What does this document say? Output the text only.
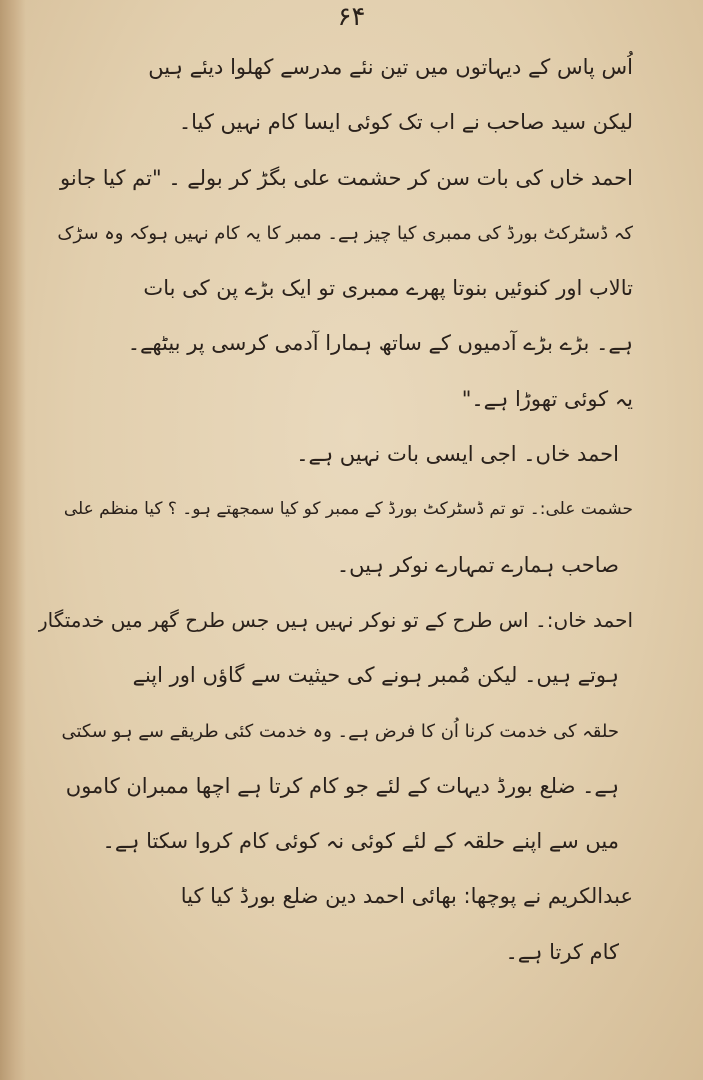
۶۴
اُس پاس کے دیہاتوں میں تین نئے مدرسے کھلوا دیئے ہیں
لیکن سید صاحب نے اب تک کوئی ایسا کام نہیں کیا۔
احمد خاں کی بات سن کر حشمت علی بگڑ کر بولے ۔ "تم کیا جانو
کہ ڈسٹرکٹ بورڈ کی ممبری کیا چیز ہے۔ ممبر کا یہ کام نہیں ہوکہ وہ سڑک
تالاب اور کنوئیں بنوتا پھرے ممبری تو ایک بڑے پن کی بات
ہے۔ بڑے بڑے آدمیوں کے ساتھ ہمارا آدمی کرسی پر بیٹھے۔
یہ کوئی تھوڑا ہے۔"
احمد خاں۔ اجی ایسی بات نہیں ہے۔
حشمت علی:۔ تو تم ڈسٹرکٹ بورڈ کے ممبر کو کیا سمجھتے ہو۔ ؟ کیا منظم علی
صاحب ہمارے تمہارے نوکر ہیں۔
احمد خاں:۔ اس طرح کے تو نوکر نہیں ہیں جس طرح گھر میں خدمتگار
ہوتے ہیں۔ لیکن مُمبر ہونے کی حیثیت سے گاؤں اور اپنے
حلقہ کی خدمت کرنا اُن کا فرض ہے۔ وہ خدمت کئی طریقے سے ہو سکتی
ہے۔ ضلع بورڈ دیہات کے لئے جو کام کرتا ہے اچھا ممبران کاموں
میں سے اپنے حلقہ کے لئے کوئی نہ کوئی کام کروا سکتا ہے۔
عبدالکریم نے پوچھا: بھائی احمد دین ضلع بورڈ کیا کیا
کام کرتا ہے۔
